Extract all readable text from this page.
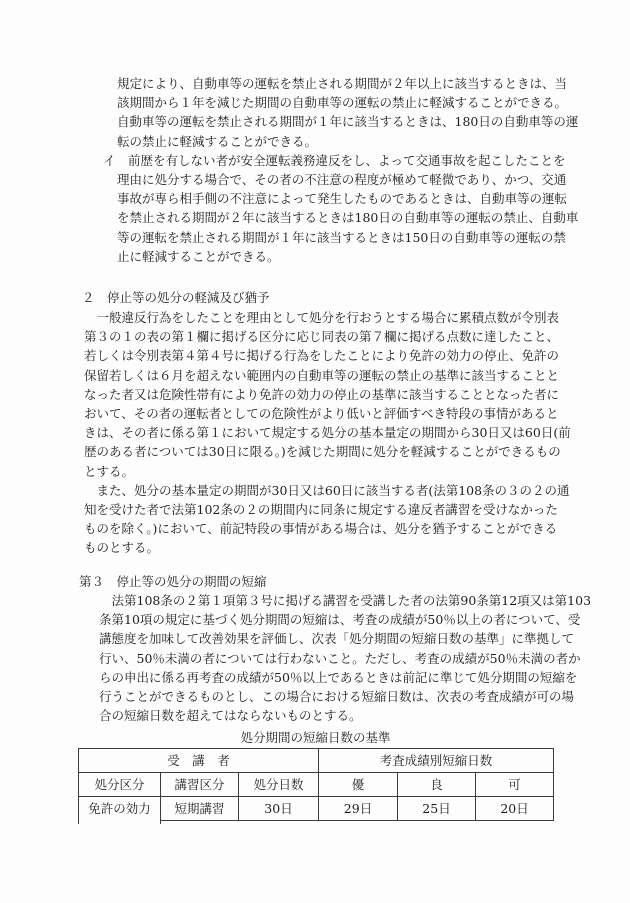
規定により、自動車等の運転を禁止される期間が２年以上に該当するときは、当
該期間から１年を減じた期間の自動車等の運転の禁止に軽減することができる。
自動車等の運転を禁止される期間が１年に該当するときは、180日の自動車等の運
転の禁止に軽減することができる。
イ　前歴を有しない者が安全運転義務違反をし、よって交通事故を起こしたことを
理由に処分する場合で、その者の不注意の程度が極めて軽微であり、かつ、交通
事故が専ら相手側の不注意によって発生したものであるときは、自動車等の運転
を禁止される期間が２年に該当するときは180日の自動車等の運転の禁止、自動車
等の運転を禁止される期間が１年に該当するときは150日の自動車等の運転の禁
止に軽減することができる。
２　停止等の処分の軽減及び猶予
　一般違反行為をしたことを理由として処分を行おうとする場合に累積点数が令別表
第３の１の表の第１欄に掲げる区分に応じ同表の第７欄に掲げる点数に達したこと、
若しくは令別表第４第４号に掲げる行為をしたことにより免許の効力の停止、免許の
保留若しくは６月を超えない範囲内の自動車等の運転の禁止の基準に該当することと
なった者又は危険性帯有により免許の効力の停止の基準に該当することとなった者に
おいて、その者の運転者としての危険性がより低いと評価すべき特段の事情があると
きは、その者に係る第１において規定する処分の基本量定の期間から30日又は60日(前
歴のある者については30日に限る。)を減じた期間に処分を軽減することができるもの
とする。
　また、処分の基本量定の期間が30日又は60日に該当する者(法第108条の３の２の通
知を受けた者で法第102条の２の期間内に同条に規定する違反者講習を受けなかった
ものを除く。)において、前記特段の事情がある場合は、処分を猶予することができる
ものとする。
第３　停止等の処分の期間の短縮
　法第108条の２第１項第３号に掲げる講習を受講した者の法第90条第12項又は第103
条第10項の規定に基づく処分期間の短縮は、考査の成績が50％以上の者について、受
講態度を加味して改善効果を評価し、次表「処分期間の短縮日数の基準」に準拠して
行い、50％未満の者については行わないこと。ただし、考査の成績が50％未満の者か
らの申出に係る再考査の成績が50％以上であるときは前記に準じて処分期間の短縮を
行うことができるものとし、この場合における短縮日数は、次表の考査成績が可の場
合の短縮日数を超えてはならないものとする。
処分期間の短縮日数の基準
受　講　者			考査成績別短縮日数		
処分区分	講習区分	処分日数	優	良	可
免許の効力	短期講習	30日	29日	25日	20日
